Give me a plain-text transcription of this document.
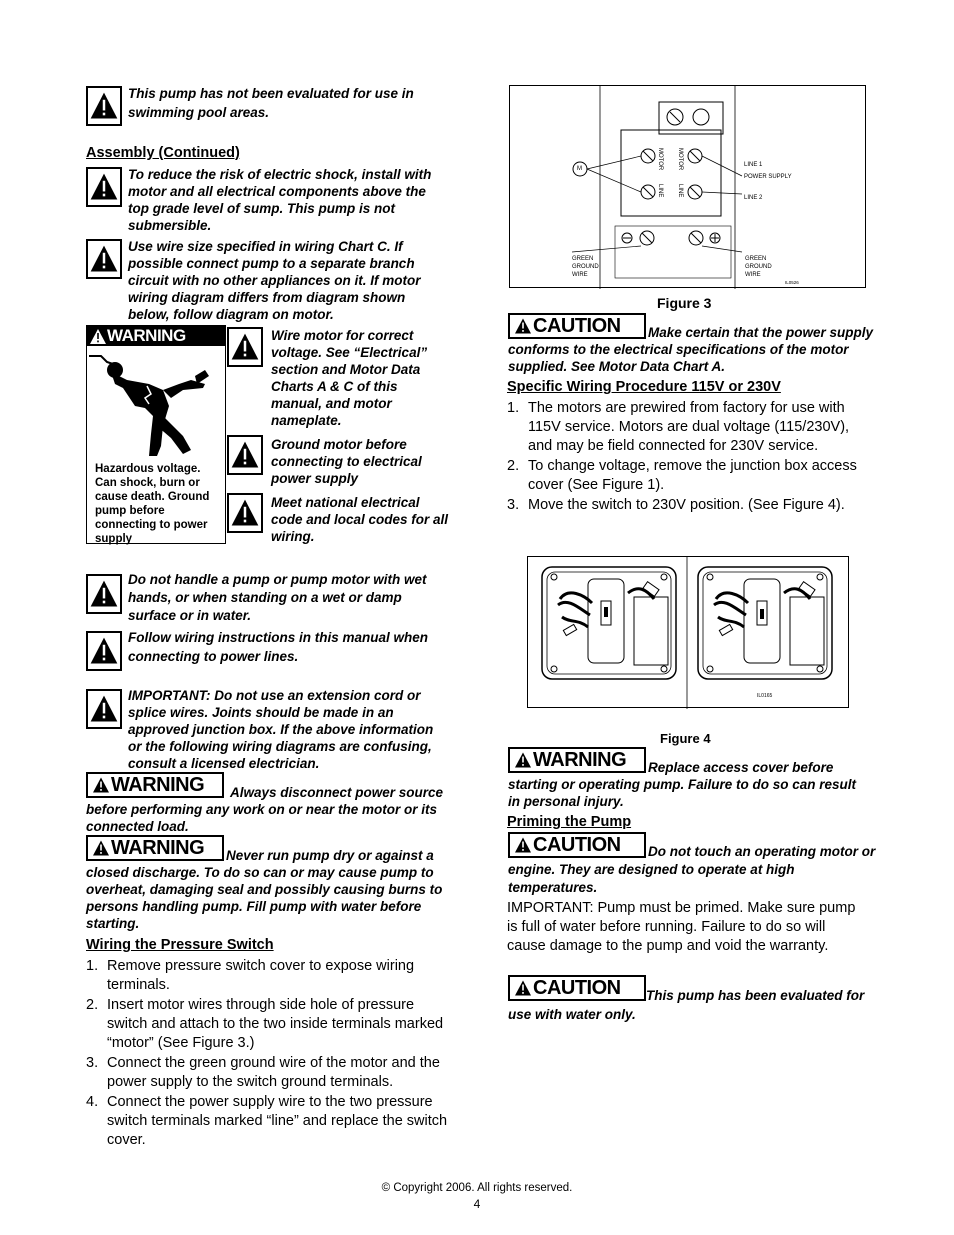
This pump has not been evaluated for use in swimming pool areas.
Assembly (Continued)
To reduce the risk of electric shock, install with motor and all electrical components above the top grade level of sump. This pump is not submersible.
Use wire size specified in wiring Chart C. If possible connect pump to a separate branch circuit with no other appliances on it. If motor wiring diagram differs from diagram shown below, follow diagram on motor.
WARNING
Hazardous voltage. Can shock, burn or cause death. Ground pump before connecting to power supply
Wire motor for correct voltage. See “Electrical” section and Motor Data Charts A & C of this manual, and motor nameplate.
Ground motor before connecting to electrical power supply
Meet national electrical code and local codes for all wiring.
Do not handle a pump or pump motor with wet hands, or when standing on a wet or damp surface or in water.
Follow wiring instructions in this manual when connecting to power lines.
IMPORTANT: Do not use an extension cord or splice wires. Joints should be made in an approved junction box. If the above information or the following wiring diagrams are confusing, consult a licensed electrician.
WARNING	Always disconnect power source before performing any work on or near the motor or its connected load.
WARNING	Never run pump dry or against a closed discharge. To do so can or may cause pump to overheat, damaging seal and possibly causing burns to persons handling pump. Fill pump with water before starting.
Wiring the Pressure Switch
1. Remove pressure switch cover to expose wiring terminals.
2. Insert motor wires through side hole of pressure switch and attach to the two inside terminals marked “motor” (See Figure 3.)
3. Connect the green ground wire of the motor and the power supply to the switch ground terminals.
4. Connect the power supply wire to the two pressure switch terminals marked “line” and replace the switch cover.
M	MOTOR MOTOR
LINE LINE
LINE 1
POWER SUPPLY
LINE 2
GREEN
GROUND
WIRE
GREEN
GROUND
WIRE
IL0526
Figure 3
CAUTION	Make certain that the power supply conforms to the electrical specifications of the motor supplied. See Motor Data Chart A.
Specific Wiring Procedure 115V or 230V
1. The motors are prewired from factory for use with 115V service. Motors are dual voltage (115/230V), and may be field connected for 230V service.
2. To change voltage, remove the junction box access cover (See Figure 1).
3. Move the switch to 230V position. (See Figure 4).
IL0165
Figure 4
WARNING	Replace access cover before starting or operating pump. Failure to do so can result in personal injury.
Priming the Pump
CAUTION	Do not touch an operating motor or engine. They are designed to operate at high temperatures.
IMPORTANT: Pump must be primed. Make sure pump is full of water before running. Failure to do so will cause damage to the pump and void the warranty.
CAUTION	This pump has been evaluated for use with water only.
© Copyright 2006. All rights reserved.
4
